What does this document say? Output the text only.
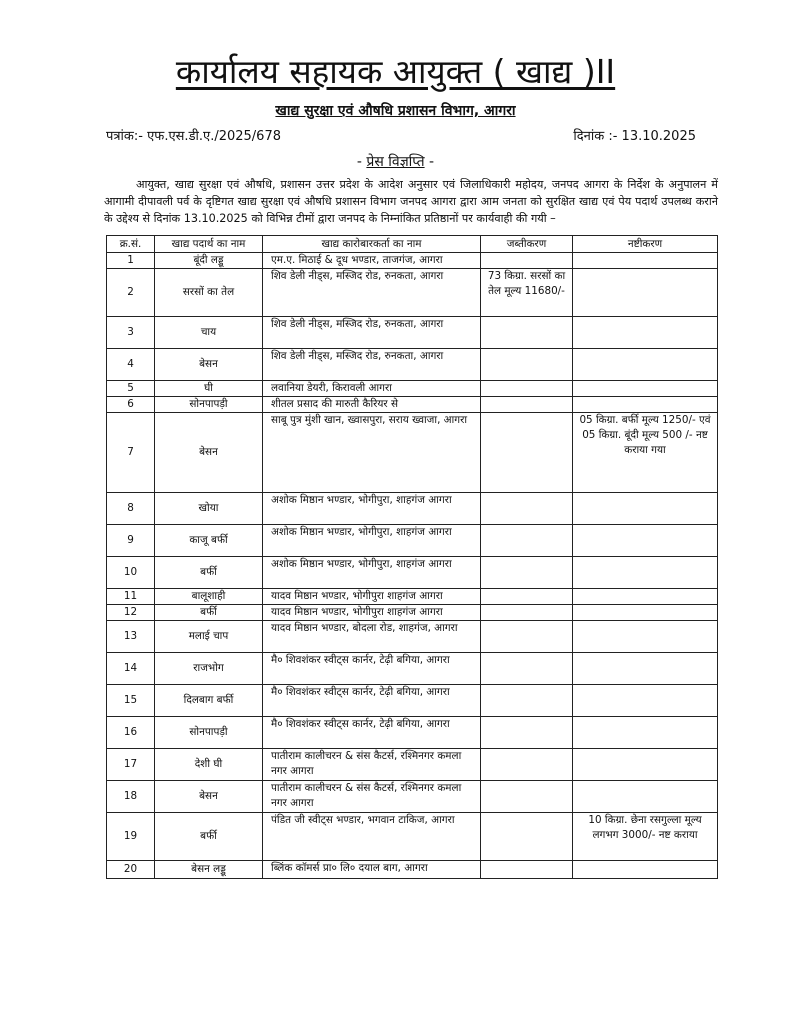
कार्यालय सहायक आयुक्त ( खाद्य )II
खाद्य सुरक्षा एवं औषधि प्रशासन विभाग, आगरा
पत्रांक:- एफ.एस.डी.ए./2025/678	दिनांक :- 13.10.2025
- प्रेस विज्ञप्ति -
आयुक्त, खाद्य सुरक्षा एवं औषधि, प्रशासन उत्तर प्रदेश के आदेश अनुसार एवं जिलाधिकारी महोदय, जनपद आगरा के निर्देश के अनुपालन में आगामी दीपावली पर्व के दृष्टिगत खाद्य सुरक्षा एवं औषधि प्रशासन विभाग जनपद आगरा द्वारा आम जनता को सुरक्षित खाद्य एवं पेय पदार्थ उपलब्ध कराने के उद्देश्य से दिनांक 13.10.2025 को विभिन्न टीमों द्वारा जनपद के निम्नांकित प्रतिष्ठानों पर कार्यवाही की गयी –
क्र.सं.	खाद्य पदार्थ का नाम	खाद्य कारोबारकर्ता का नाम	जब्तीकरण	नष्टीकरण
1	बूंदी लड्डू	एम.ए. मिठाई & दूध भण्डार, ताजगंज, आगरा		
2	सरसों का तेल	शिव डेली नीड्स, मस्जिद रोड, रुनकता, आगरा	73 किग्रा. सरसों का तेल मूल्य 11680/-	
3	चाय	शिव डेली नीड्स, मस्जिद रोड, रुनकता, आगरा		
4	बेसन	शिव डेली नीड्स, मस्जिद रोड, रुनकता, आगरा		
5	घी	लवानिया डेयरी, किरावली आगरा		
6	सोनपापड़ी	शीतल प्रसाद की मारुती कैरियर से		
7	बेसन	साबू पुत्र मुंशी खान, ख्वासपुरा, सराय ख्वाजा, आगरा		05 किग्रा. बर्फी मूल्य 1250/- एवं 05 किग्रा. बूंदी मूल्य 500 /- नष्ट कराया गया
8	खोया	अशोक मिष्ठान भण्डार, भोगीपुरा, शाहगंज आगरा		
9	काजू बर्फी	अशोक मिष्ठान भण्डार, भोगीपुरा, शाहगंज आगरा		
10	बर्फी	अशोक मिष्ठान भण्डार, भोगीपुरा, शाहगंज आगरा		
11	बालूशाही	यादव मिष्ठान भण्डार, भोगीपुरा शाहगंज आगरा		
12	बर्फी	यादव मिष्ठान भण्डार, भोगीपुरा शाहगंज आगरा		
13	मलाई चाप	यादव मिष्ठान भण्डार, बोदला रोड, शाहगंज, आगरा		
14	राजभोग	मै० शिवशंकर स्वीट्स कार्नर, टेढ़ी बगिया, आगरा		
15	दिलबाग बर्फी	मै० शिवशंकर स्वीट्स कार्नर, टेढ़ी बगिया, आगरा		
16	सोनपापड़ी	मै० शिवशंकर स्वीट्स कार्नर, टेढ़ी बगिया, आगरा		
17	देशी घी	पातीराम कालीचरन & संस कैटर्स, रश्मिनगर कमला नगर आगरा		
18	बेसन	पातीराम कालीचरन & संस कैटर्स, रश्मिनगर कमला नगर आगरा		
19	बर्फी	पंडित जी स्वीट्स भण्डार, भगवान टाकिज, आगरा		10 किग्रा. छेना रसगुल्ला मूल्य लगभग 3000/- नष्ट कराया
20	बेसन लड्डू	ब्लिंक कॉमर्स प्रा० लि० दयाल बाग, आगरा		
